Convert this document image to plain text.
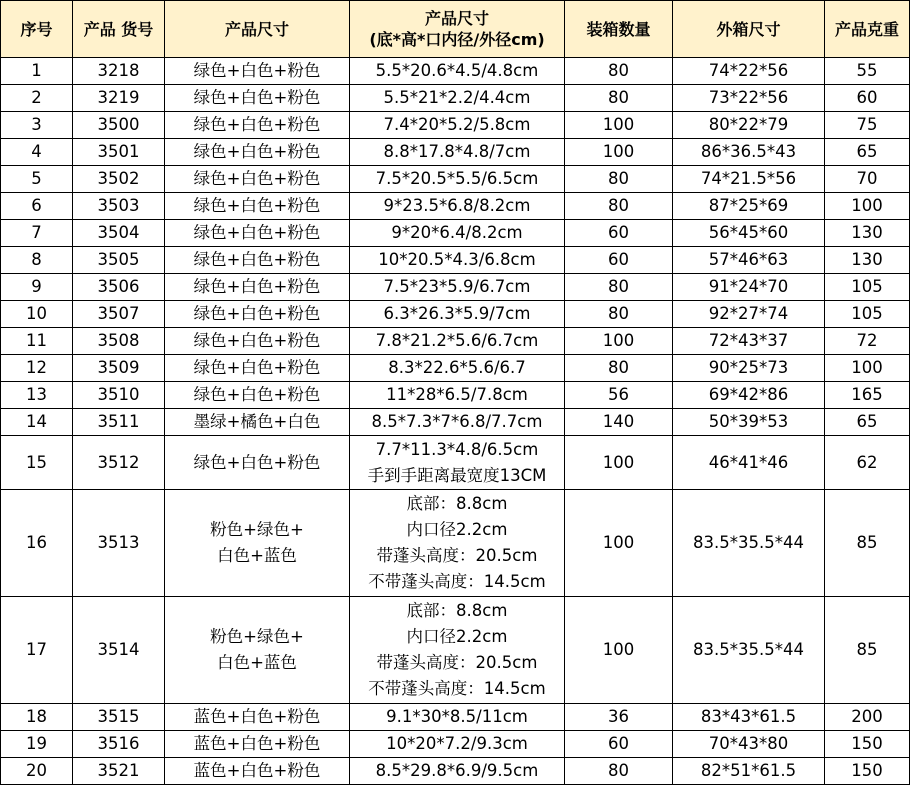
序号	产品 货号	产品尺寸	产品尺寸
(底*高*口内径/外径cm)	装箱数量	外箱尺寸	产品克重

1	3218	绿色+白色+粉色	5.5*20.6*4.5/4.8cm	80	74*22*56	55
2	3219	绿色+白色+粉色	5.5*21*2.2/4.4cm	80	73*22*56	60
3	3500	绿色+白色+粉色	7.4*20*5.2/5.8cm	100	80*22*79	75
4	3501	绿色+白色+粉色	8.8*17.8*4.8/7cm	100	86*36.5*43	65
5	3502	绿色+白色+粉色	7.5*20.5*5.5/6.5cm	80	74*21.5*56	70
6	3503	绿色+白色+粉色	9*23.5*6.8/8.2cm	80	87*25*69	100
7	3504	绿色+白色+粉色	9*20*6.4/8.2cm	60	56*45*60	130
8	3505	绿色+白色+粉色	10*20.5*4.3/6.8cm	60	57*46*63	130
9	3506	绿色+白色+粉色	7.5*23*5.9/6.7cm	80	91*24*70	105
10	3507	绿色+白色+粉色	6.3*26.3*5.9/7cm	80	92*27*74	105
11	3508	绿色+白色+粉色	7.8*21.2*5.6/6.7cm	100	72*43*37	72
12	3509	绿色+白色+粉色	8.3*22.6*5.6/6.7	80	90*25*73	100
13	3510	绿色+白色+粉色	11*28*6.5/7.8cm	56	69*42*86	165
14	3511	墨绿+橘色+白色	8.5*7.3*7*6.8/7.7cm	140	50*39*53	65
15	3512	绿色+白色+粉色	7.7*11.3*4.8/6.5cm
手到手距离最宽度13CM	100	46*41*46	62
16	3513	粉色+绿色+
白色+蓝色	底部：8.8cm
内口径2.2cm
带蓬头高度：20.5cm
不带蓬头高度：14.5cm	100	83.5*35.5*44	85
17	3514	粉色+绿色+
白色+蓝色	底部：8.8cm
内口径2.2cm
带蓬头高度：20.5cm
不带蓬头高度：14.5cm	100	83.5*35.5*44	85
18	3515	蓝色+白色+粉色	9.1*30*8.5/11cm	36	83*43*61.5	200
19	3516	蓝色+白色+粉色	10*20*7.2/9.3cm	60	70*43*80	150
20	3521	蓝色+白色+粉色	8.5*29.8*6.9/9.5cm	80	82*51*61.5	150
